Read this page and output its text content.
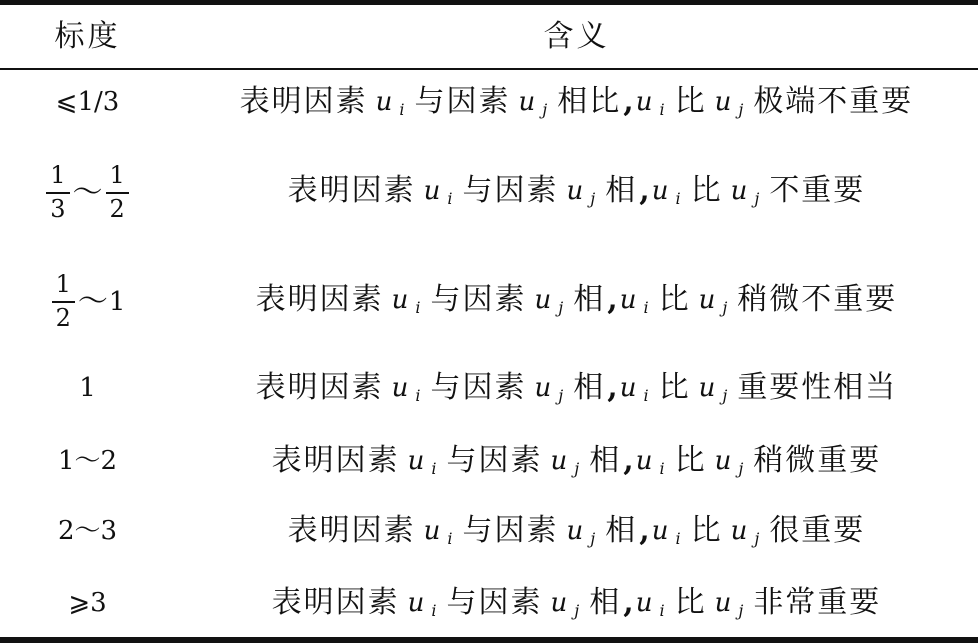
标度	含义
⩽1/3	表明因素 u i 与因素 u j 相比 , u i 比 u j 极端不重要
$\frac{1}{3}$ ～ $\frac{1}{2}$	表明因素 u i 与因素 u j 相 , u i 比 u j 不重要
$\frac{1}{2}$ ～ 1	表明因素 u i 与因素 u j 相 , u i 比 u j 稍微不重要
1	表明因素 u i 与因素 u j 相 , u i 比 u j 重要性相当
1～2	表明因素 u i 与因素 u j 相 , u i 比 u j 稍微重要
2～3	表明因素 u i 与因素 u j 相 , u i 比 u j 很重要
⩾3	表明因素 u i 与因素 u j 相 , u i 比 u j 非常重要
